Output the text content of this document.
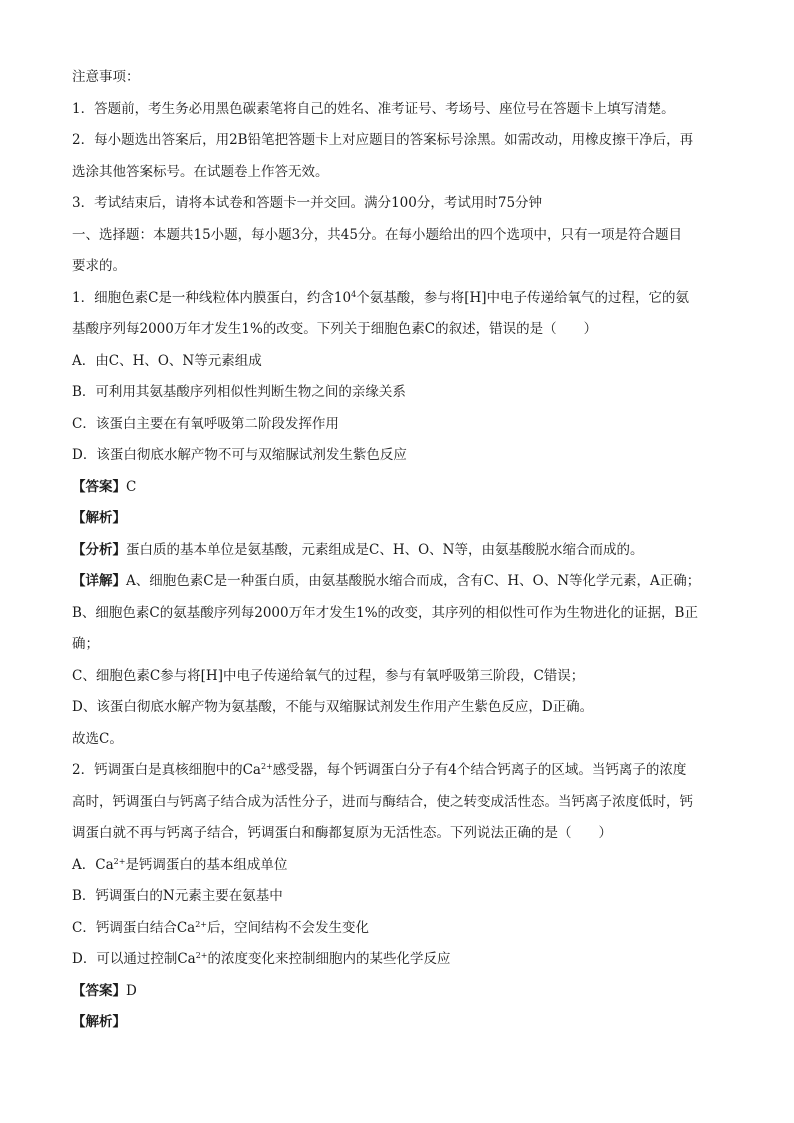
注意事项：
1．答题前，考生务必用黑色碳素笔将自己的姓名、准考证号、考场号、座位号在答题卡上填写清楚。
2．每小题选出答案后，用2B铅笔把答题卡上对应题目的答案标号涂黑。如需改动，用橡皮擦干净后，再
选涂其他答案标号。在试题卷上作答无效。
3．考试结束后，请将本试卷和答题卡一并交回。满分100分，考试用时75分钟
一、选择题：本题共15小题，每小题3分，共45分。在每小题给出的四个选项中，只有一项是符合题目
要求的。
1．细胞色素C是一种线粒体内膜蛋白，约含$10^4$个氨基酸，参与将[H]中电子传递给氧气的过程，它的氨
基酸序列每2000万年才发生1%的改变。下列关于细胞色素C的叙述，错误的是（　　）
A．由C、H、O、N等元素组成
B．可利用其氨基酸序列相似性判断生物之间的亲缘关系
C．该蛋白主要在有氧呼吸第二阶段发挥作用
D．该蛋白彻底水解产物不可与双缩脲试剂发生紫色反应
【答案】C
【解析】
【分析】蛋白质的基本单位是氨基酸，元素组成是C、H、O、N等，由氨基酸脱水缩合而成的。
【详解】A、细胞色素C是一种蛋白质，由氨基酸脱水缩合而成，含有C、H、O、N等化学元素，A正确；
B、细胞色素C的氨基酸序列每2000万年才发生1%的改变，其序列的相似性可作为生物进化的证据，B正
确；
C、细胞色素C参与将[H]中电子传递给氧气的过程，参与有氧呼吸第三阶段，C错误；
D、该蛋白彻底水解产物为氨基酸，不能与双缩脲试剂发生作用产生紫色反应，D正确。
故选C。
2．钙调蛋白是真核细胞中的$Ca^{2+}$感受器，每个钙调蛋白分子有4个结合钙离子的区域。当钙离子的浓度
高时，钙调蛋白与钙离子结合成为活性分子，进而与酶结合，使之转变成活性态。当钙离子浓度低时，钙
调蛋白就不再与钙离子结合，钙调蛋白和酶都复原为无活性态。下列说法正确的是（　　）
A．$Ca^{2+}$是钙调蛋白的基本组成单位
B．钙调蛋白的N元素主要在氨基中
C．钙调蛋白结合$Ca^{2+}$后，空间结构不会发生变化
D．可以通过控制$Ca^{2+}$的浓度变化来控制细胞内的某些化学反应
【答案】D
【解析】
